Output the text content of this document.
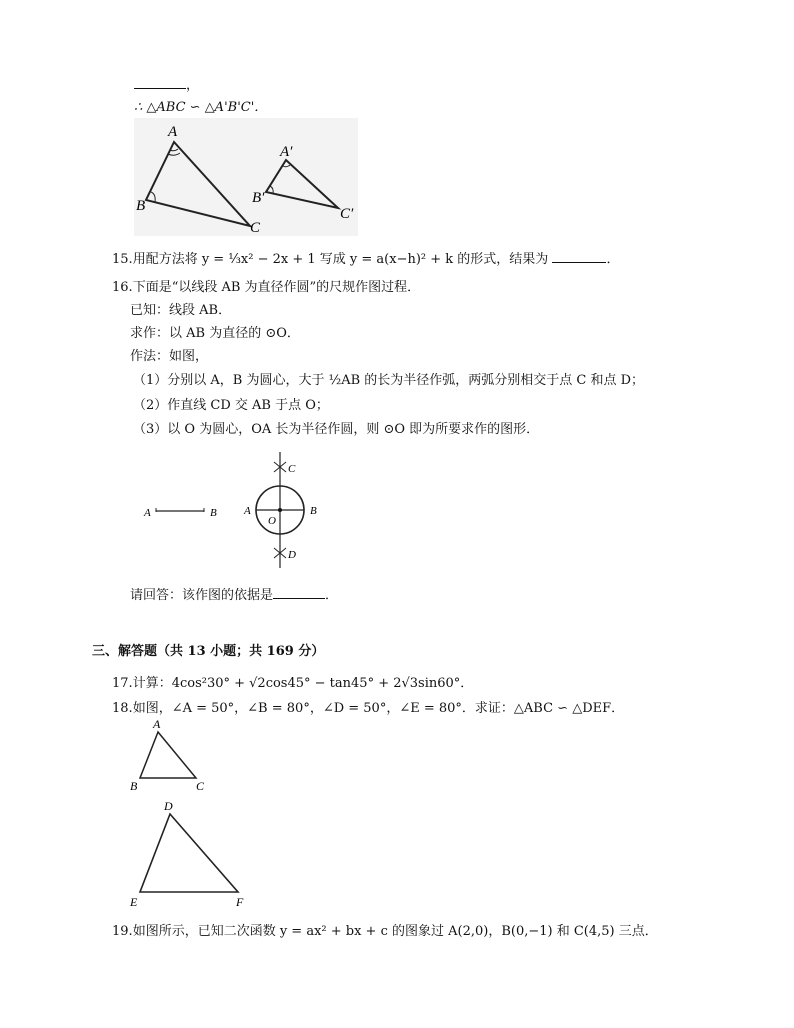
，
∴ △ABC ∽ △A'B'C'．
A
B
C
A′
B′
C′
15.用配方法将 y = ⅓x² − 2x + 1 写成 y = a(x−h)² + k 的形式，结果为	．
16.下面是“以线段 AB 为直径作圆”的尺规作图过程．
已知：线段 AB．
求作：以 AB 为直径的 ⊙O．
作法：如图，
（1）分别以 A，B 为圆心，大于 ½AB 的长为半径作弧，两弧分别相交于点 C 和点 D；
（2）作直线 CD 交 AB 于点 O；
（3）以 O 为圆心，OA 长为半径作圆，则 ⊙O 即为所要求作的图形．
A	B
C
D
A	B
O
请回答：该作图的依据是	．
三、解答题（共 13 小题；共 169 分）
17.计算：4cos²30° + √2cos45° − tan45° + 2√3sin60°．
18.如图，∠A = 50°，∠B = 80°，∠D = 50°，∠E = 80°．求证：△ABC ∽ △DEF．
A
B	C
D
E	F
19.如图所示，已知二次函数 y = ax² + bx + c 的图象过 A(2,0)，B(0,−1) 和 C(4,5) 三点．
